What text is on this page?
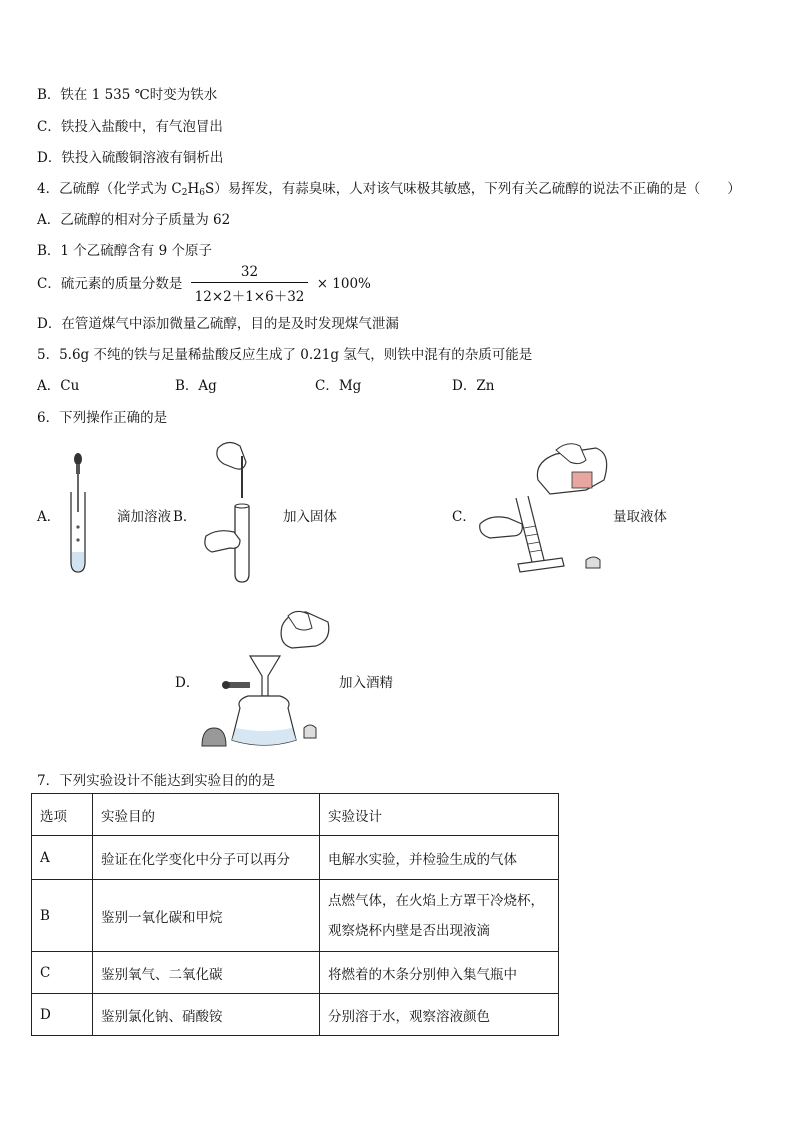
B．铁在 1 535 ℃时变为铁水
C．铁投入盐酸中，有气泡冒出
D．铁投入硫酸铜溶液有铜析出
4．乙硫醇（化学式为 $C_2H_6S$）易挥发，有蒜臭味，人对该气味极其敏感，下列有关乙硫醇的说法不正确的是（　　）
A．乙硫醇的相对分子质量为 62
B．1 个乙硫醇含有 9 个原子
C．硫元素的质量分数是 $\frac{32}{12\times 2+1\times 6+32} \times 100\%$
D．在管道煤气中添加微量乙硫醇，目的是及时发现煤气泄漏
5．5.6g 不纯的铁与足量稀盐酸反应生成了 0.21g 氢气，则铁中混有的杂质可能是
A．Cu	B．Ag	C．Mg	D．Zn
6．下列操作正确的是
A．	滴加溶液 B．	加入固体	C．	量取液体
D．	加入酒精
7．下列实验设计不能达到实验目的的是
选项	实验目的	实验设计
A	验证在化学变化中分子可以再分	电解水实验，并检验生成的气体
B	鉴别一氧化碳和甲烷	点燃气体，在火焰上方罩干冷烧杯，
观察烧杯内壁是否出现液滴

C	鉴别氧气、二氧化碳	将燃着的木条分别伸入集气瓶中
D	鉴别氯化钠、硝酸铵	分别溶于水，观察溶液颜色
